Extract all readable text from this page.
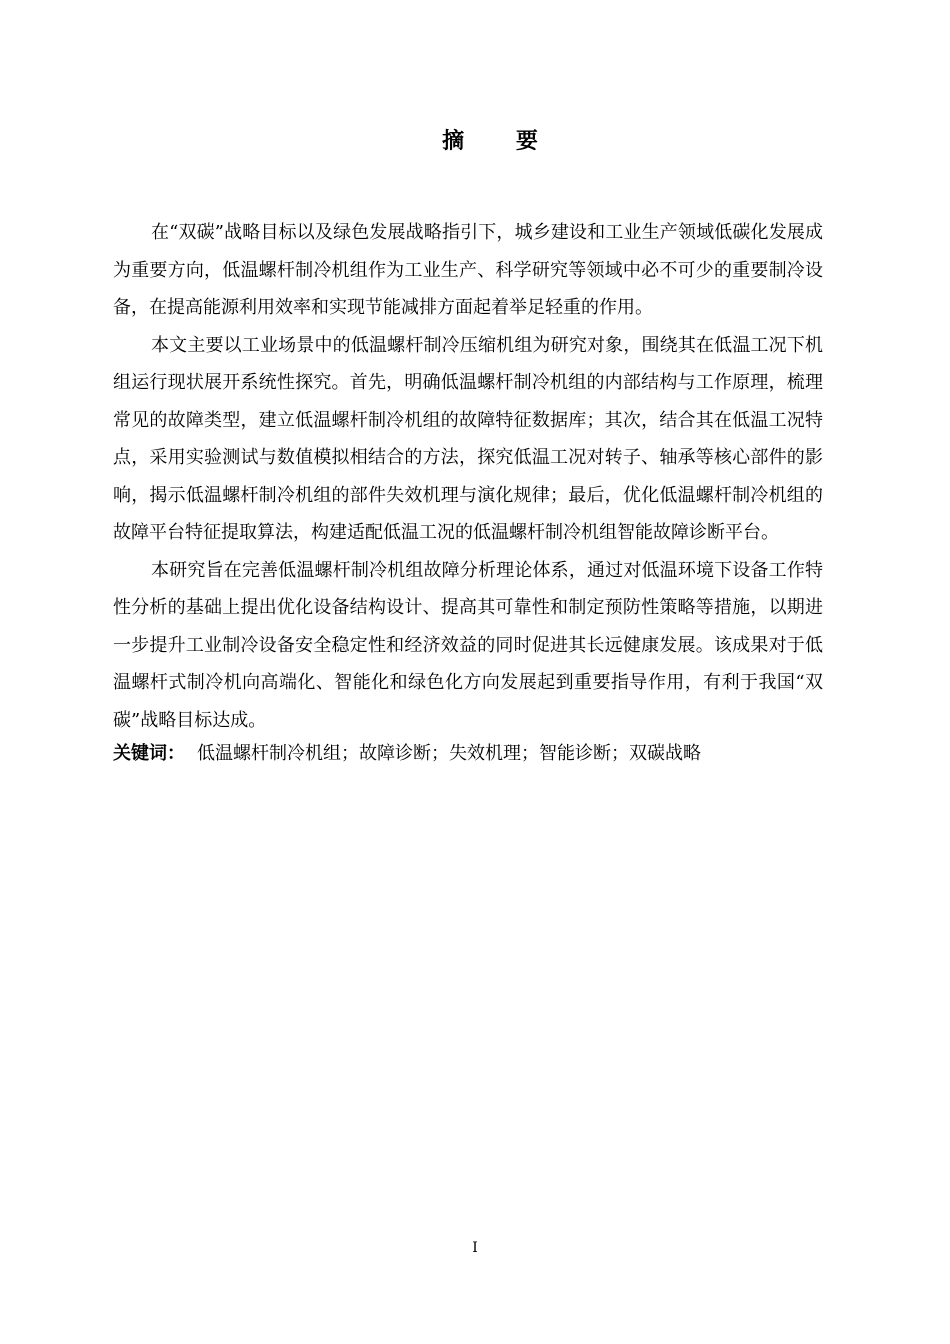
摘 要

在“双碳”战略目标以及绿色发展战略指引下，城乡建设和工业生产领域低碳化发展成为重要方向，低温螺杆制冷机组作为工业生产、科学研究等领域中必不可少的重要制冷设备，在提高能源利用效率和实现节能减排方面起着举足轻重的作用。

本文主要以工业场景中的低温螺杆制冷压缩机组为研究对象，围绕其在低温工况下机组运行现状展开系统性探究。首先，明确低温螺杆制冷机组的内部结构与工作原理，梳理常见的故障类型，建立低温螺杆制冷机组的故障特征数据库；其次，结合其在低温工况特点，采用实验测试与数值模拟相结合的方法，探究低温工况对转子、轴承等核心部件的影响，揭示低温螺杆制冷机组的部件失效机理与演化规律；最后，优化低温螺杆制冷机组的故障平台特征提取算法，构建适配低温工况的低温螺杆制冷机组智能故障诊断平台。

本研究旨在完善低温螺杆制冷机组故障分析理论体系，通过对低温环境下设备工作特性分析的基础上提出优化设备结构设计、提高其可靠性和制定预防性策略等措施，以期进一步提升工业制冷设备安全稳定性和经济效益的同时促进其长远健康发展。该成果对于低温螺杆式制冷机向高端化、智能化和绿色化方向发展起到重要指导作用，有利于我国“双碳”战略目标达成。

关键词： 低温螺杆制冷机组；故障诊断；失效机理；智能诊断；双碳战略

I
